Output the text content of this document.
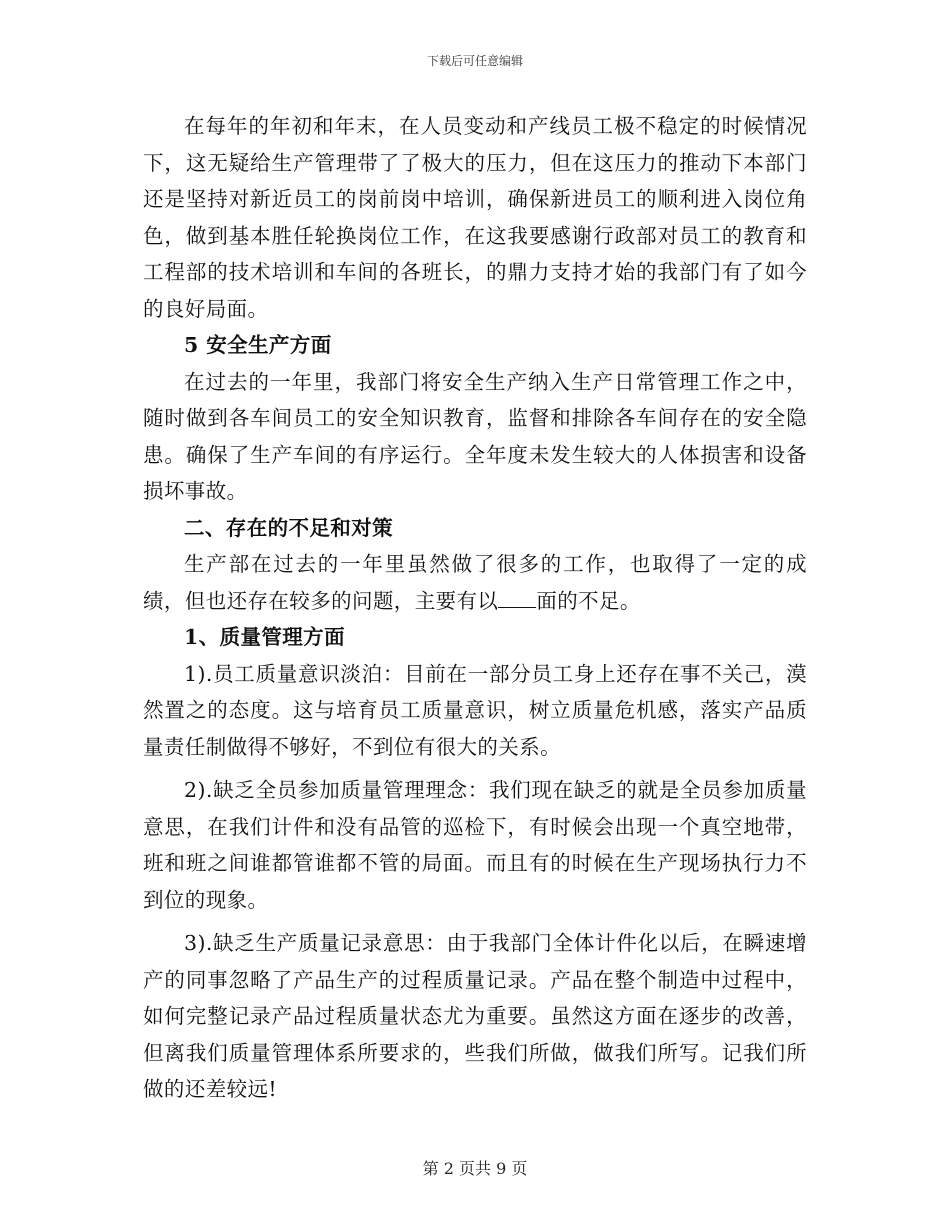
下载后可任意编辑

在每年的年初和年末，在人员变动和产线员工极不稳定的时候情况下，这无疑给生产管理带了了极大的压力，但在这压力的推动下本部门还是坚持对新近员工的岗前岗中培训，确保新进员工的顺利进入岗位角色，做到基本胜任轮换岗位工作，在这我要感谢行政部对员工的教育和工程部的技术培训和车间的各班长，的鼎力支持才始的我部门有了如今的良好局面。

5 安全生产方面

在过去的一年里，我部门将安全生产纳入生产日常管理工作之中，随时做到各车间员工的安全知识教育，监督和排除各车间存在的安全隐患。确保了生产车间的有序运行。全年度未发生较大的人体损害和设备损坏事故。

二、存在的不足和对策

生产部在过去的一年里虽然做了很多的工作，也取得了一定的成绩，但也还存在较多的问题，主要有以 面的不足。

1、质量管理方面

1).员工质量意识淡泊：目前在一部分员工身上还存在事不关己，漠然置之的态度。这与培育员工质量意识，树立质量危机感，落实产品质量责任制做得不够好，不到位有很大的关系。

2).缺乏全员参加质量管理理念：我们现在缺乏的就是全员参加质量意思，在我们计件和没有品管的巡检下，有时候会出现一个真空地带，班和班之间谁都管谁都不管的局面。而且有的时候在生产现场执行力不到位的现象。

3).缺乏生产质量记录意思：由于我部门全体计件化以后，在瞬速增产的同事忽略了产品生产的过程质量记录。产品在整个制造中过程中，如何完整记录产品过程质量状态尤为重要。虽然这方面在逐步的改善，但离我们质量管理体系所要求的，些我们所做，做我们所写。记我们所做的还差较远!

第 2 页共 9 页
